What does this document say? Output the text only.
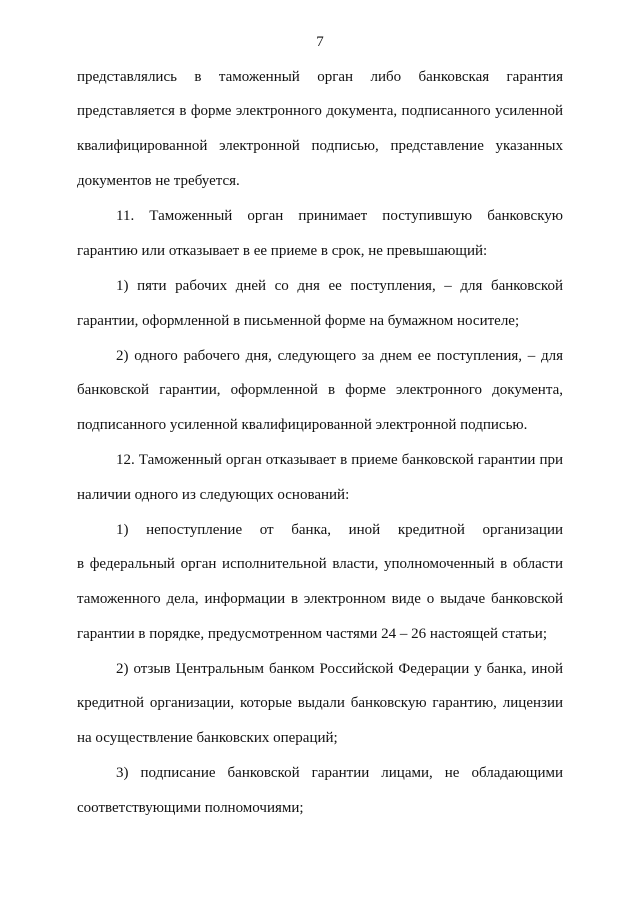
7
представлялись в таможенный орган либо банковская гарантия
представляется в форме электронного документа, подписанного усиленной
квалифицированной электронной подписью, представление указанных
документов не требуется.
11. Таможенный орган принимает поступившую банковскую
гарантию или отказывает в ее приеме в срок, не превышающий:
1) пяти рабочих дней со дня ее поступления, – для банковской
гарантии, оформленной в письменной форме на бумажном носителе;
2) одного рабочего дня, следующего за днем ее поступления, – для
банковской гарантии, оформленной в форме электронного документа,
подписанного усиленной квалифицированной электронной подписью.
12. Таможенный орган отказывает в приеме банковской гарантии при
наличии одного из следующих оснований:
1) непоступление от банка, иной кредитной организации
в федеральный орган исполнительной власти, уполномоченный в области
таможенного дела, информации в электронном виде о выдаче банковской
гарантии в порядке, предусмотренном частями 24 – 26 настоящей статьи;
2) отзыв Центральным банком Российской Федерации у банка, иной
кредитной организации, которые выдали банковскую гарантию, лицензии
на осуществление банковских операций;
3) подписание банковской гарантии лицами, не обладающими
соответствующими полномочиями;
